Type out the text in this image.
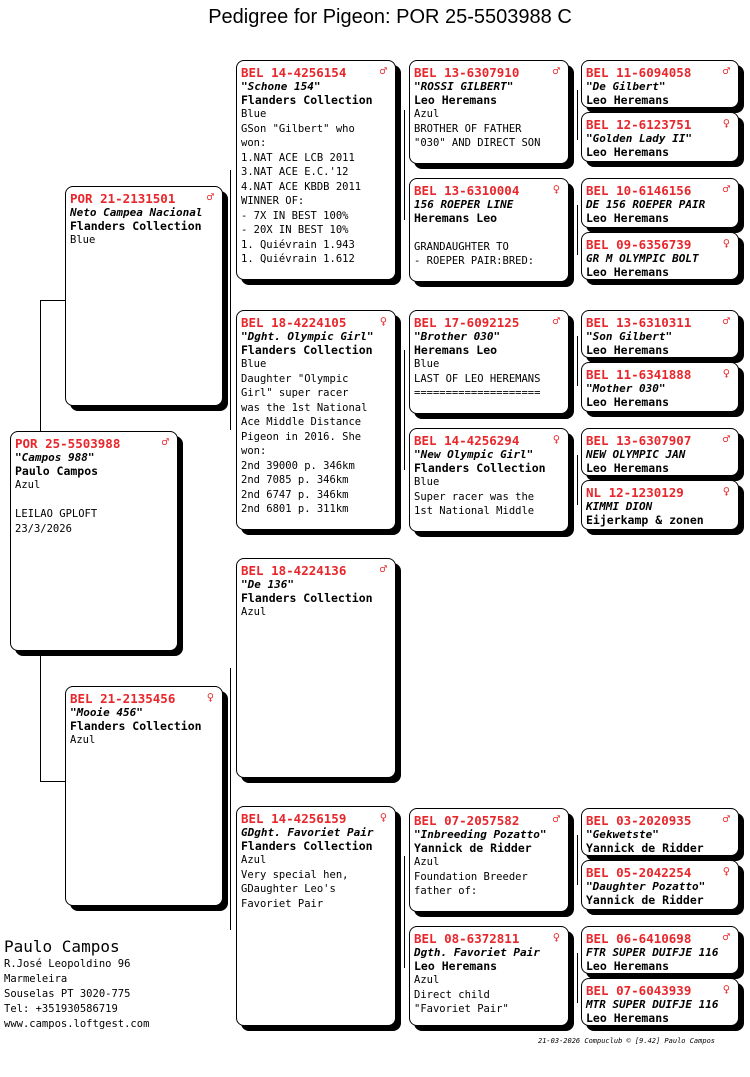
Pedigree for Pigeon: POR 25-5503988 C
POR 25-5503988	♂
"Campos 988"
Paulo Campos
Azul

LEILAO GPLOFT
23/3/2026
POR 21-2131501	♂
Neto Campea Nacional
Flanders Collection
Blue
BEL 21-2135456	♀
"Mooie 456"
Flanders Collection
Azul
BEL 14-4256154	♂
"Schone 154"
Flanders Collection
Blue
GSon "Gilbert" who
won:
1.NAT ACE LCB 2011
3.NAT ACE E.C.'12
4.NAT ACE KBDB 2011
WINNER OF:
- 7X IN BEST 100%
- 20X IN BEST 10%
1. Quiévrain 1.943
1. Quiévrain 1.612
BEL 18-4224105	♀
"Dght. Olympic Girl"
Flanders Collection
Blue
Daughter "Olympic
Girl" super racer
was the 1st National
Ace Middle Distance
Pigeon in 2016. She
won:
2nd 39000 p. 346km
2nd 7085 p. 346km
2nd 6747 p. 346km
2nd 6801 p. 311km
BEL 18-4224136	♂
"De 136"
Flanders Collection
Azul
BEL 14-4256159	♀
GDght. Favoriet Pair
Flanders Collection
Azul
Very special hen,
GDaughter Leo's
Favoriet Pair
BEL 13-6307910	♂
"ROSSI GILBERT"
Leo Heremans
Azul
BROTHER OF FATHER
"030" AND DIRECT SON
BEL 13-6310004	♀
156 ROEPER LINE
Heremans Leo

GRANDAUGHTER TO
- ROEPER PAIR:BRED:
BEL 17-6092125	♂
"Brother 030"
Heremans Leo
Blue
LAST OF LEO HEREMANS
====================
BEL 14-4256294	♀
"New Olympic Girl"
Flanders Collection
Blue
Super racer was the
1st National Middle
BEL 07-2057582	♂
"Inbreeding Pozatto"
Yannick de Ridder
Azul
Foundation Breeder
father of:
BEL 08-6372811	♀
Dgth. Favoriet Pair
Leo Heremans
Azul
Direct child
"Favoriet Pair"
BEL 11-6094058	♂
"De Gilbert"
Leo Heremans
BEL 12-6123751	♀
"Golden Lady II"
Leo Heremans
BEL 10-6146156	♂
DE 156 ROEPER PAIR
Leo Heremans
BEL 09-6356739	♀
GR M OLYMPIC BOLT
Leo Heremans
BEL 13-6310311	♂
"Son Gilbert"
Leo Heremans
BEL 11-6341888	♀
"Mother 030"
Leo Heremans
BEL 13-6307907	♂
NEW OLYMPIC JAN
Leo Heremans
NL 12-1230129	♀
KIMMI DION
Eijerkamp & zonen
BEL 03-2020935	♂
"Gekwetste"
Yannick de Ridder
BEL 05-2042254	♀
"Daughter Pozatto"
Yannick de Ridder
BEL 06-6410698	♂
FTR SUPER DUIFJE 116
Leo Heremans
BEL 07-6043939	♀
MTR SUPER DUIFJE 116
Leo Heremans
Paulo Campos
R.José Leopoldino 96
Marmeleira
Souselas PT 3020-775
Tel: +351930586719
www.campos.loftgest.com
21-03-2026 Compuclub © [9.42] Paulo Campos
